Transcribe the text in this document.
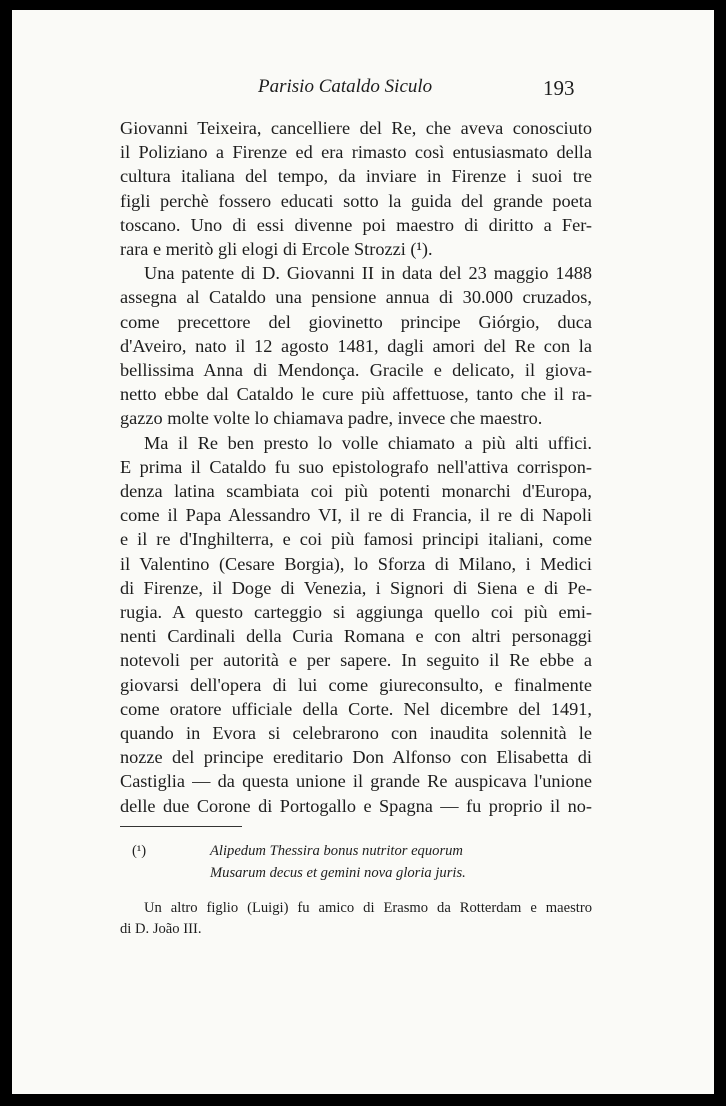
Parisio Cataldo Siculo	193
Giovanni Teixeira, cancelliere del Re, che aveva conosciuto
il Poliziano a Firenze ed era rimasto così entusiasmato della
cultura italiana del tempo, da inviare in Firenze i suoi tre
figli perchè fossero educati sotto la guida del grande poeta
toscano. Uno di essi divenne poi maestro di diritto a Fer-
rara e meritò gli elogi di Ercole Strozzi (¹).
Una patente di D. Giovanni II in data del 23 maggio 1488
assegna al Cataldo una pensione annua di 30.000 cruzados,
come precettore del giovinetto principe Giórgio, duca
d'Aveiro, nato il 12 agosto 1481, dagli amori del Re con la
bellissima Anna di Mendonça. Gracile e delicato, il giova-
netto ebbe dal Cataldo le cure più affettuose, tanto che il ra-
gazzo molte volte lo chiamava padre, invece che maestro.
Ma il Re ben presto lo volle chiamato a più alti uffici.
E prima il Cataldo fu suo epistolografo nell'attiva corrispon-
denza latina scambiata coi più potenti monarchi d'Europa,
come il Papa Alessandro VI, il re di Francia, il re di Napoli
e il re d'Inghilterra, e coi più famosi principi italiani, come
il Valentino (Cesare Borgia), lo Sforza di Milano, i Medici
di Firenze, il Doge di Venezia, i Signori di Siena e di Pe-
rugia. A questo carteggio si aggiunga quello coi più emi-
nenti Cardinali della Curia Romana e con altri personaggi
notevoli per autorità e per sapere. In seguito il Re ebbe a
giovarsi dell'opera di lui come giureconsulto, e finalmente
come oratore ufficiale della Corte. Nel dicembre del 1491,
quando in Evora si celebrarono con inaudita solennità le
nozze del principe ereditario Don Alfonso con Elisabetta di
Castiglia — da questa unione il grande Re auspicava l'unione
delle due Corone di Portogallo e Spagna — fu proprio il no-
(¹)	Alipedum Thessira bonus nutritor equorum
Musarum decus et gemini nova gloria juris.
Un altro figlio (Luigi) fu amico di Erasmo da Rotterdam e maestro
di D. João III.
